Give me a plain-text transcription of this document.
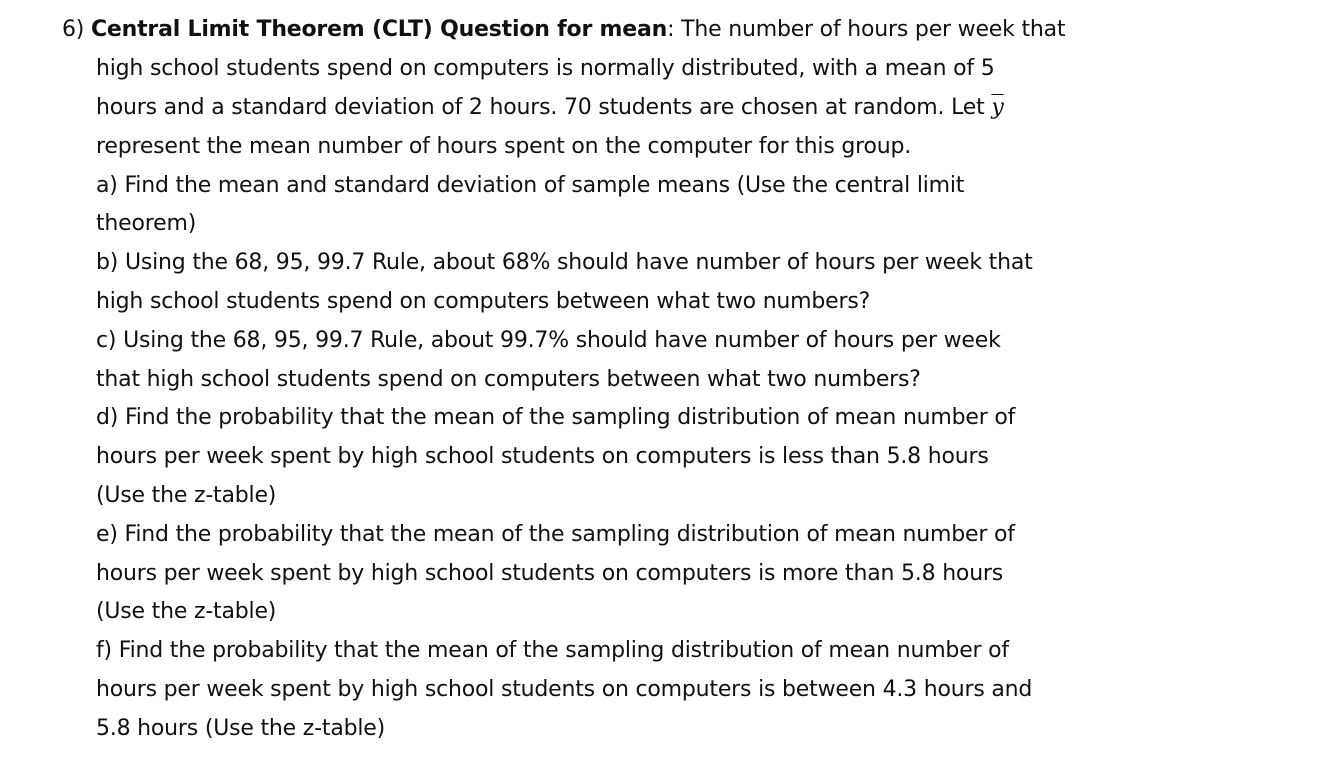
6) Central Limit Theorem (CLT) Question for mean: The number of hours per week that
high school students spend on computers is normally distributed, with a mean of 5
hours and a standard deviation of 2 hours. 70 students are chosen at random. Let $\overline{y}$
represent the mean number of hours spent on the computer for this group.
a) Find the mean and standard deviation of sample means (Use the central limit
theorem)
b) Using the 68, 95, 99.7 Rule, about 68% should have number of hours per week that
high school students spend on computers between what two numbers?
c) Using the 68, 95, 99.7 Rule, about 99.7% should have number of hours per week
that high school students spend on computers between what two numbers?
d) Find the probability that the mean of the sampling distribution of mean number of
hours per week spent by high school students on computers is less than 5.8 hours
(Use the z-table)
e) Find the probability that the mean of the sampling distribution of mean number of
hours per week spent by high school students on computers is more than 5.8 hours
(Use the z-table)
f) Find the probability that the mean of the sampling distribution of mean number of
hours per week spent by high school students on computers is between 4.3 hours and
5.8 hours (Use the z-table)
